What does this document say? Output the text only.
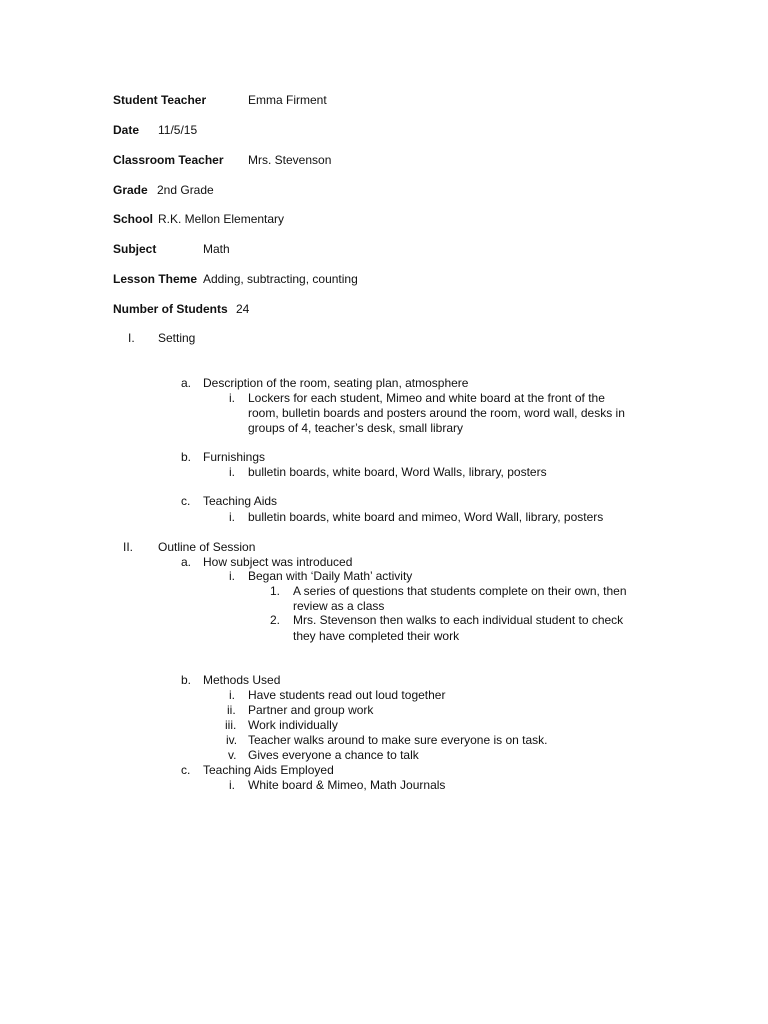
Student Teacher	Emma Firment
Date 11/5/15
Classroom Teacher Mrs. Stevenson
Grade 2nd Grade
School R.K. Mellon Elementary
Subject	Math
Lesson Theme Adding, subtracting, counting
Number of Students 24
I. Setting
a. Description of the room, seating plan, atmosphere
i. Lockers for each student, Mimeo and white board at the front of the
room, bulletin boards and posters around the room, word wall, desks in
groups of 4, teacher’s desk, small library
b. Furnishings
i. bulletin boards, white board, Word Walls, library, posters
c. Teaching Aids
i. bulletin boards, white board and mimeo, Word Wall, library, posters
II. Outline of Session
a. How subject was introduced
i. Began with ‘Daily Math’ activity
1. A series of questions that students complete on their own, then
review as a class
2. Mrs. Stevenson then walks to each individual student to check
they have completed their work
b. Methods Used
i. Have students read out loud together
ii. Partner and group work
iii. Work individually
iv. Teacher walks around to make sure everyone is on task.
v. Gives everyone a chance to talk
c. Teaching Aids Employed
i. White board & Mimeo, Math Journals
